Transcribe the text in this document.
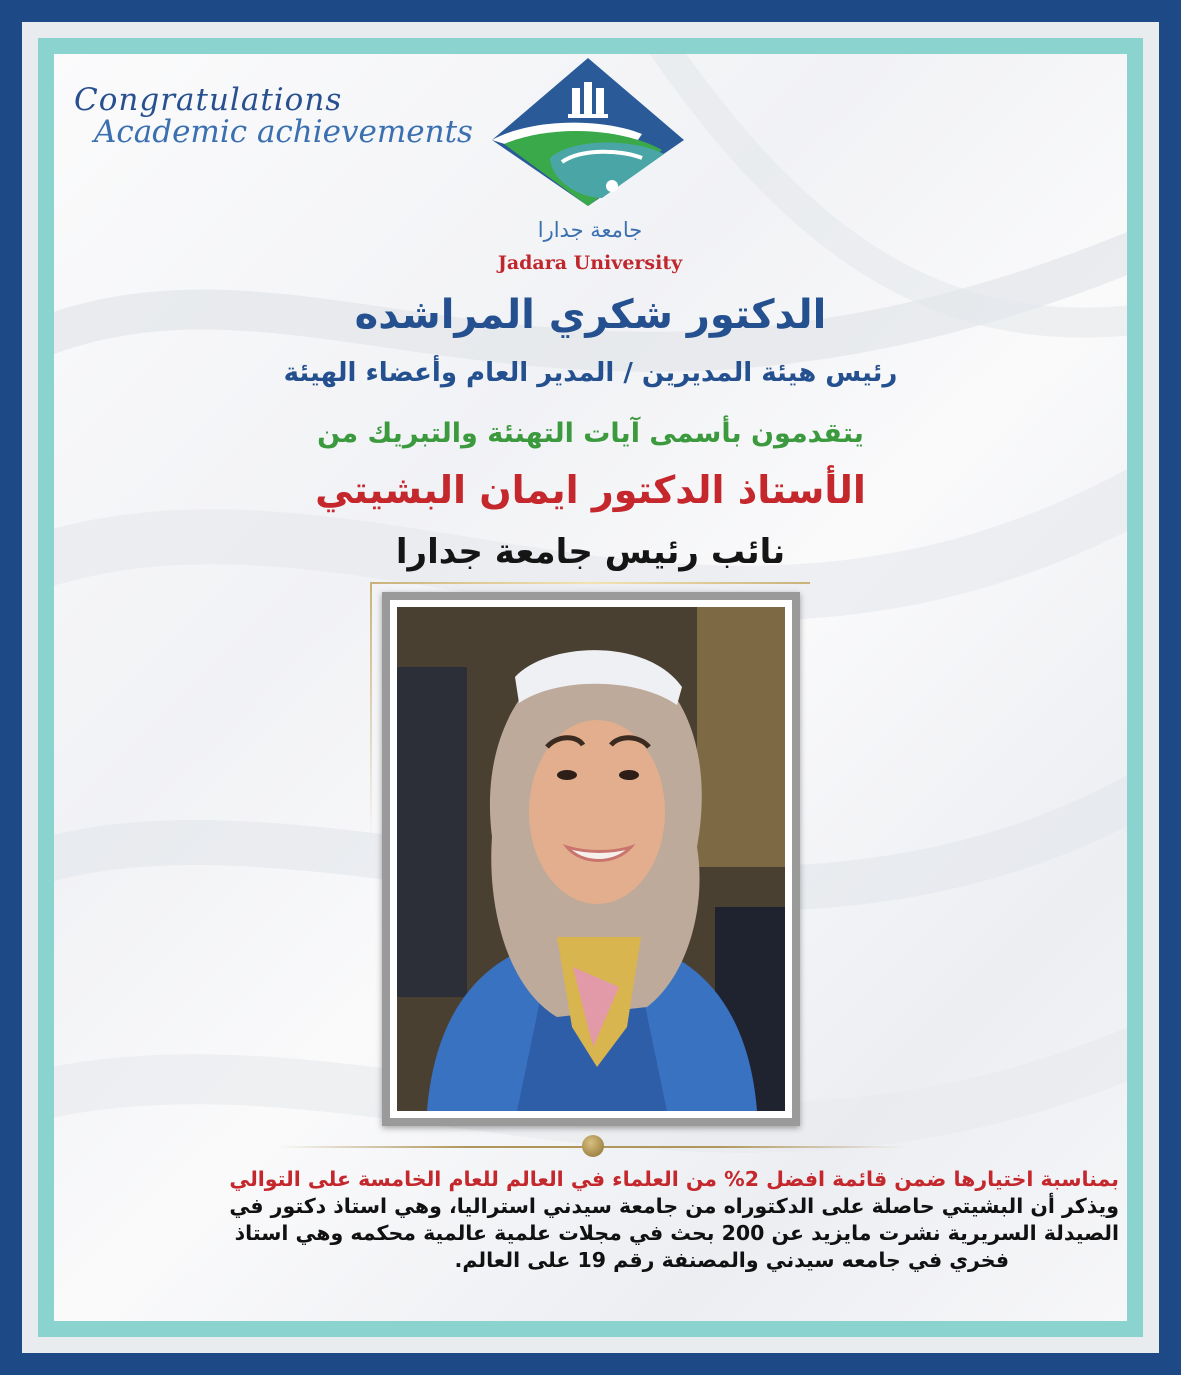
Congratulations
Academic achievements
جامعة جدارا
Jadara University
الدكتور شكري المراشده
رئيس هيئة المديرين / المدير العام وأعضاء الهيئة
يتقدمون بأسمى آيات التهنئة والتبريك من
الأستاذ الدكتور ايمان البشيتي
نائب رئيس جامعة جدارا
بمناسبة اختيارها ضمن قائمة افضل 2% من العلماء في العالم للعام الخامسة على التوالي
ويذكر أن البشيتي حاصلة على الدكتوراه من جامعة سيدني استراليا، وهي استاذ دكتور في
الصيدلة السريرية نشرت مايزيد عن 200 بحث في مجلات علمية عالمية محكمه وهي استاذ
فخري في جامعه سيدني والمصنفة رقم 19 على العالم.
